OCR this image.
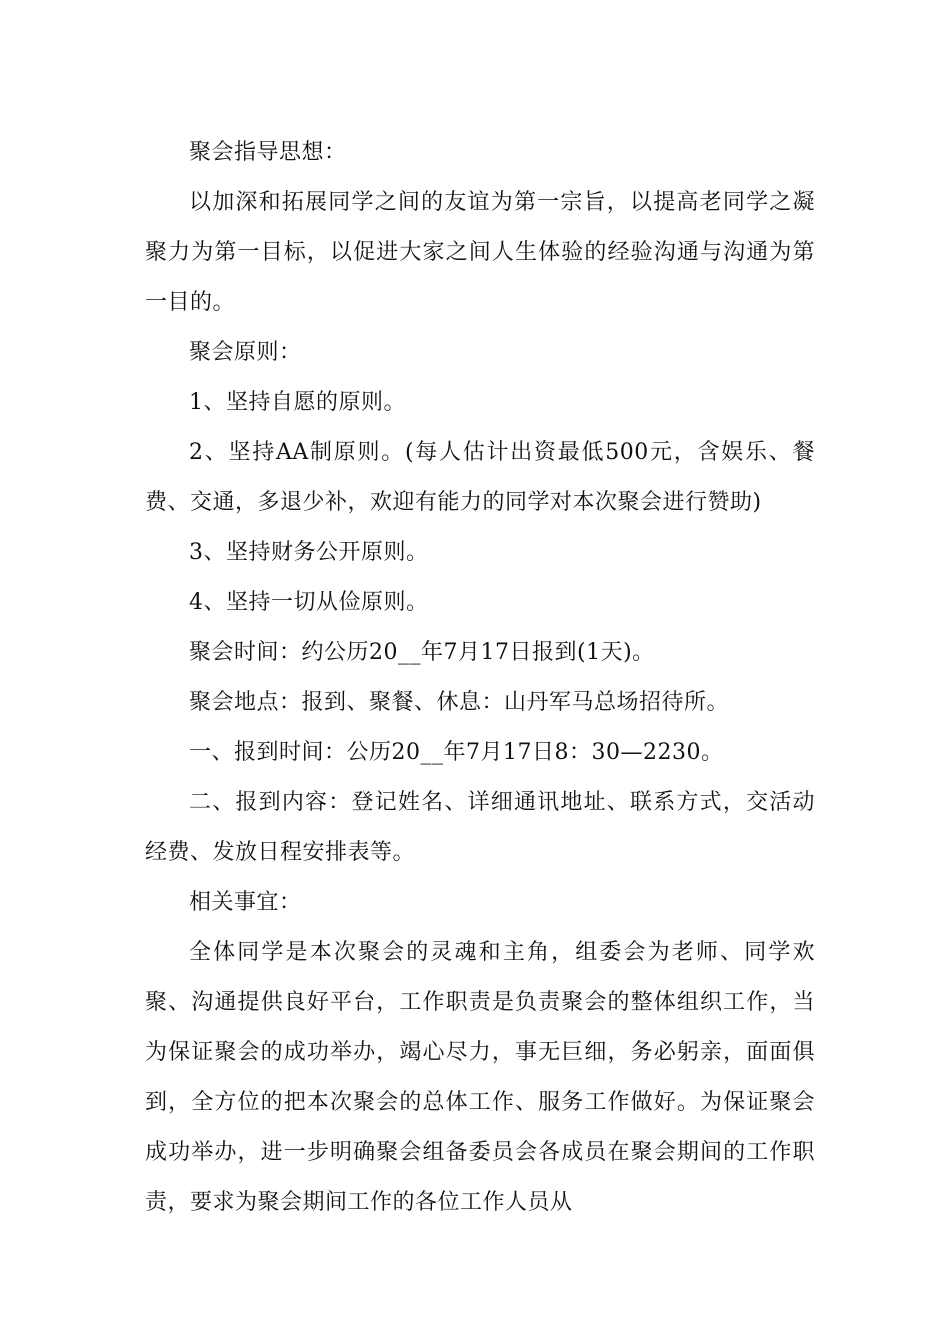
聚会指导思想：

以加深和拓展同学之间的友谊为第一宗旨，以提高老同学之凝聚力为第一目标，以促进大家之间人生体验的经验沟通与沟通为第一目的。

聚会原则：

1、坚持自愿的原则。

2、坚持AA制原则。(每人估计出资最低500元，含娱乐、餐费、交通，多退少补，欢迎有能力的同学对本次聚会进行赞助)

3、坚持财务公开原则。

4、坚持一切从俭原则。

聚会时间：约公历20__年7月17日报到(1天)。

聚会地点：报到、聚餐、休息：山丹军马总场招待所。

一、报到时间：公历20__年7月17日8：30—2230。

二、报到内容：登记姓名、详细通讯地址、联系方式，交活动经费、发放日程安排表等。

相关事宜：

全体同学是本次聚会的灵魂和主角，组委会为老师、同学欢聚、沟通提供良好平台，工作职责是负责聚会的整体组织工作，当为保证聚会的成功举办，竭心尽力，事无巨细，务必躬亲，面面俱到，全方位的把本次聚会的总体工作、服务工作做好。为保证聚会成功举办，进一步明确聚会组备委员会各成员在聚会期间的工作职责，要求为聚会期间工作的各位工作人员从
